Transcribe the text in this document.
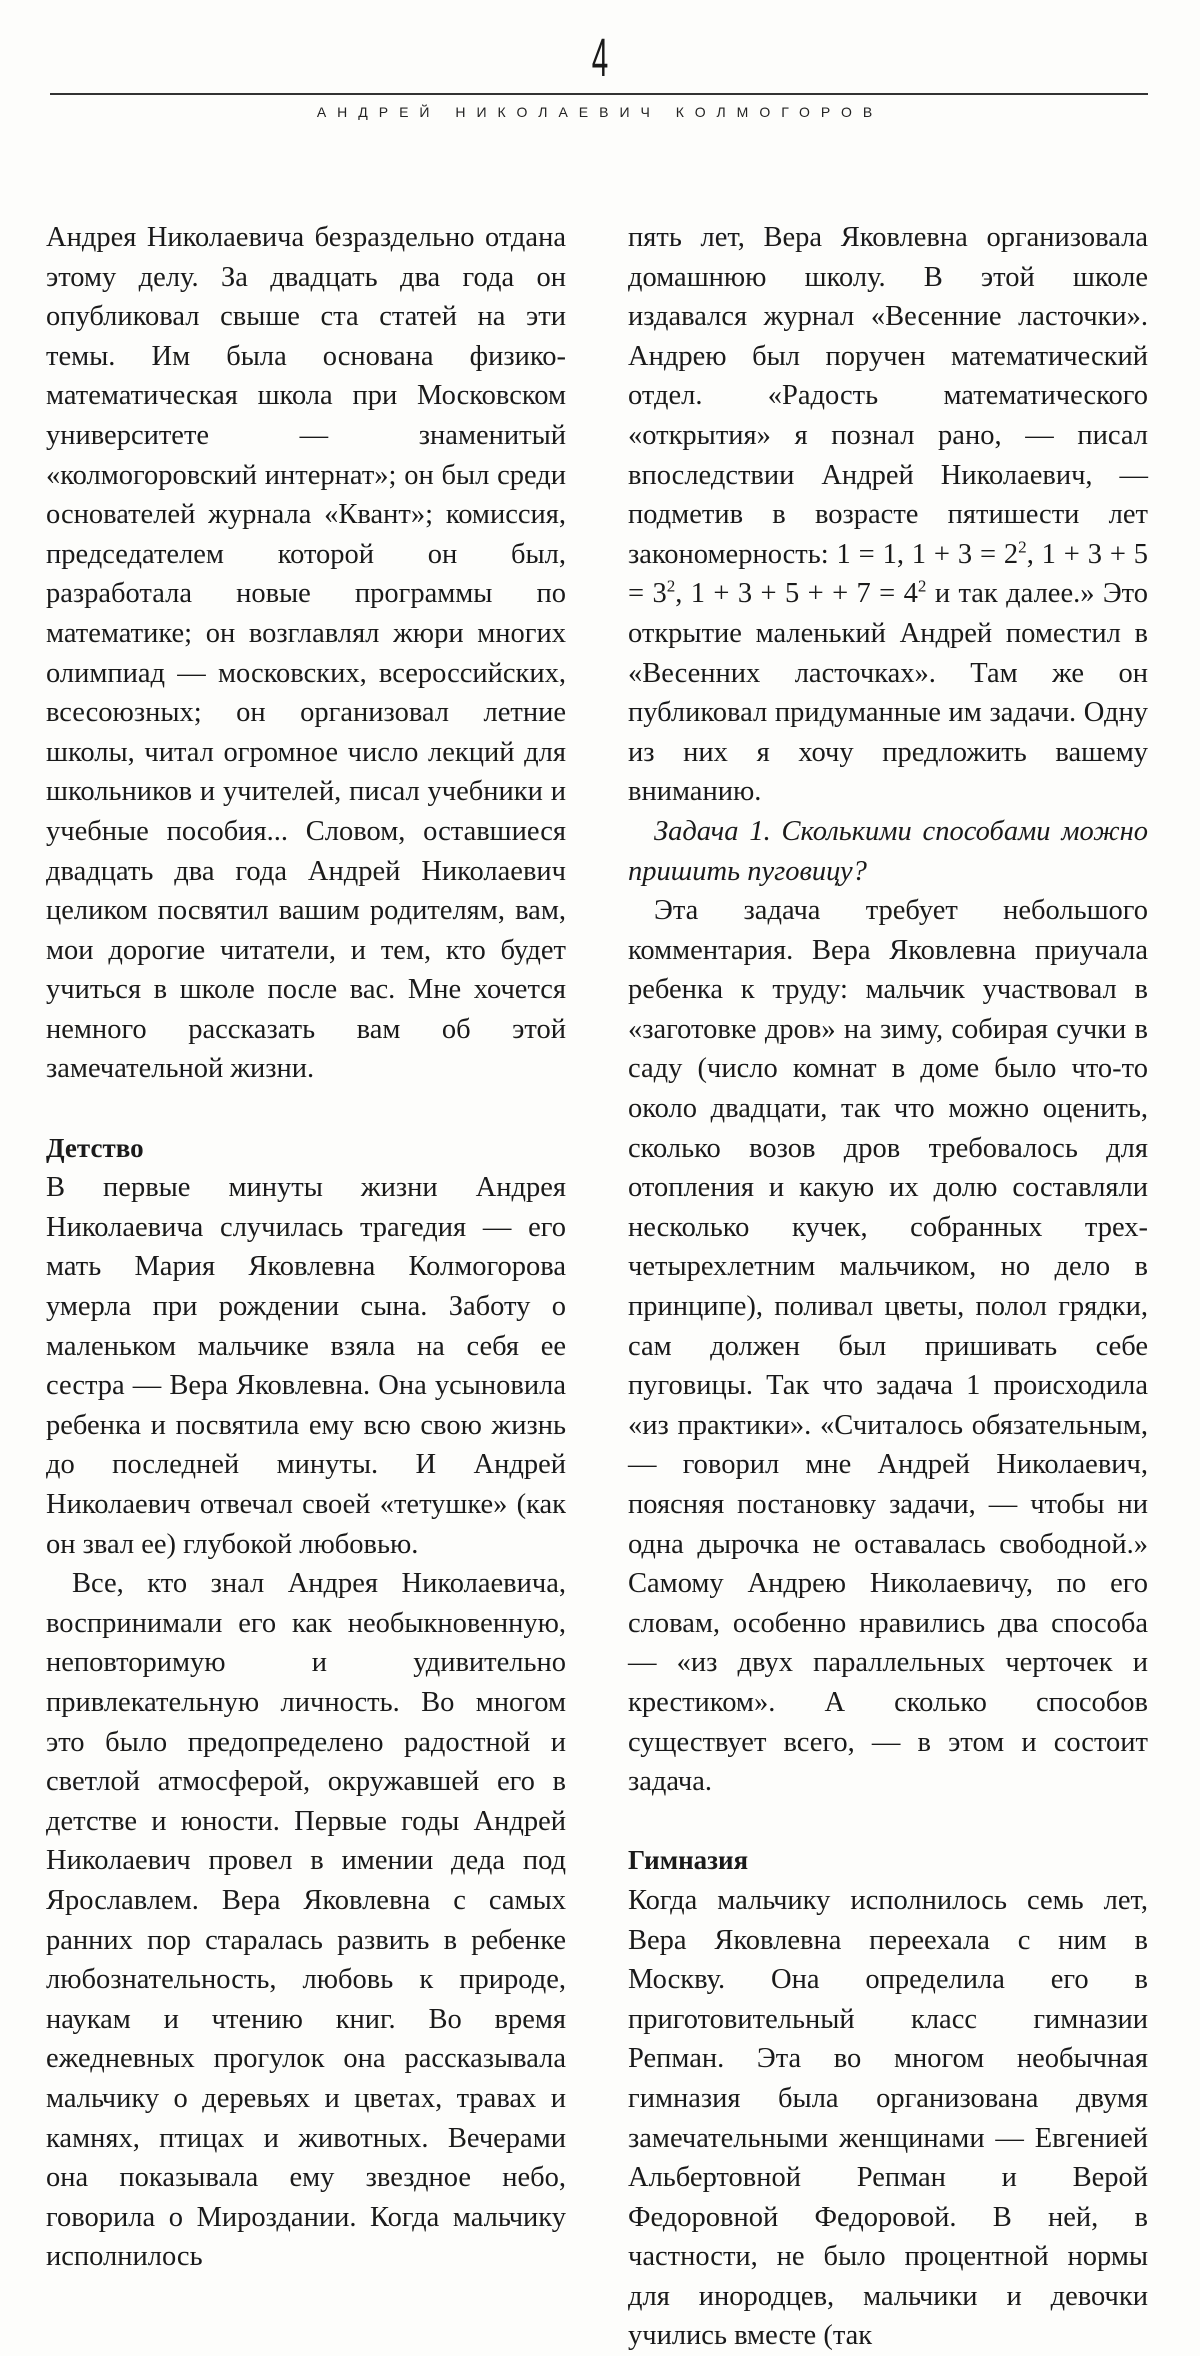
4
АНДРЕЙ НИКОЛАЕВИЧ КОЛМОГОРОВ

Андрея Николаевича безраздельно отдана этому делу. За двадцать два года он опубликовал свыше ста статей на эти темы. Им была основана физико-математическая школа при Московском университете — знаменитый «колмогоровский интернат»; он был среди основателей журнала «Квант»; комиссия, председателем которой он был, разработала новые программы по математике; он возглавлял жюри многих олимпиад — московских, всероссийских, всесоюзных; он организовал летние школы, читал огромное число лекций для школьников и учителей, писал учебники и учебные пособия... Словом, оставшиеся двадцать два года Андрей Николаевич целиком посвятил вашим родителям, вам, мои дорогие читатели, и тем, кто будет учиться в школе после вас. Мне хочется немного рассказать вам об этой замечательной жизни.

Детство

В первые минуты жизни Андрея Николаевича случилась трагедия — его мать Мария Яковлевна Колмогорова умерла при рождении сына. Заботу о маленьком мальчике взяла на себя ее сестра — Вера Яковлевна. Она усыновила ребенка и посвятила ему всю свою жизнь до последней минуты. И Андрей Николаевич отвечал своей «тетушке» (как он звал ее) глубокой любовью.

Все, кто знал Андрея Николаевича, воспринимали его как необыкновенную, неповторимую и удивительно привлекательную личность. Во многом это было предопределено радостной и светлой атмосферой, окружавшей его в детстве и юности. Первые годы Андрей Николаевич провел в имении деда под Ярославлем. Вера Яковлевна с самых ранних пор старалась развить в ребенке любознательность, любовь к природе, наукам и чтению книг. Во время ежедневных прогулок она рассказывала мальчику о деревьях и цветах, травах и камнях, птицах и животных. Вечерами она показывала ему звездное небо, говорила о Мироздании. Когда мальчику исполнилось

пять лет, Вера Яковлевна организовала домашнюю школу. В этой школе издавался журнал «Весенние ласточки». Андрею был поручен математический отдел. «Радость математического «открытия» я познал рано, — писал впоследствии Андрей Николаевич, — подметив в возрасте пятишести лет закономерность: 1 = 1, $1 + 3 = 2^2$, $1 + 3 + 5 = 3^2$, 1 + 3 + 5 + + $7 = 4^2$ и так далее.» Это открытие маленький Андрей поместил в «Весенних ласточках». Там же он публиковал придуманные им задачи. Одну из них я хочу предложить вашему вниманию.

Задача 1. Сколькими способами можно пришить пуговицу?

Эта задача требует небольшого комментария. Вера Яковлевна приучала ребенка к труду: мальчик участвовал в «заготовке дров» на зиму, собирая сучки в саду (число комнат в доме было что-то около двадцати, так что можно оценить, сколько возов дров требовалось для отопления и какую их долю составляли несколько кучек, собранных трех-четырехлетним мальчиком, но дело в принципе), поливал цветы, полол грядки, сам должен был пришивать себе пуговицы. Так что задача 1 происходила «из практики». «Считалось обязательным, — говорил мне Андрей Николаевич, поясняя постановку задачи, — чтобы ни одна дырочка не оставалась свободной.» Самому Андрею Николаевичу, по его словам, особенно нравились два способа — «из двух параллельных черточек и крестиком». А сколько способов существует всего, — в этом и состоит задача.

Гимназия

Когда мальчику исполнилось семь лет, Вера Яковлевна переехала с ним в Москву. Она определила его в приготовительный класс гимназии Репман. Эта во многом необычная гимназия была организована двумя замечательными женщинами — Евгенией Альбертовной Репман и Верой Федоровной Федоровой. В ней, в частности, не было процентной нормы для инородцев, мальчики и девочки учились вместе (так
